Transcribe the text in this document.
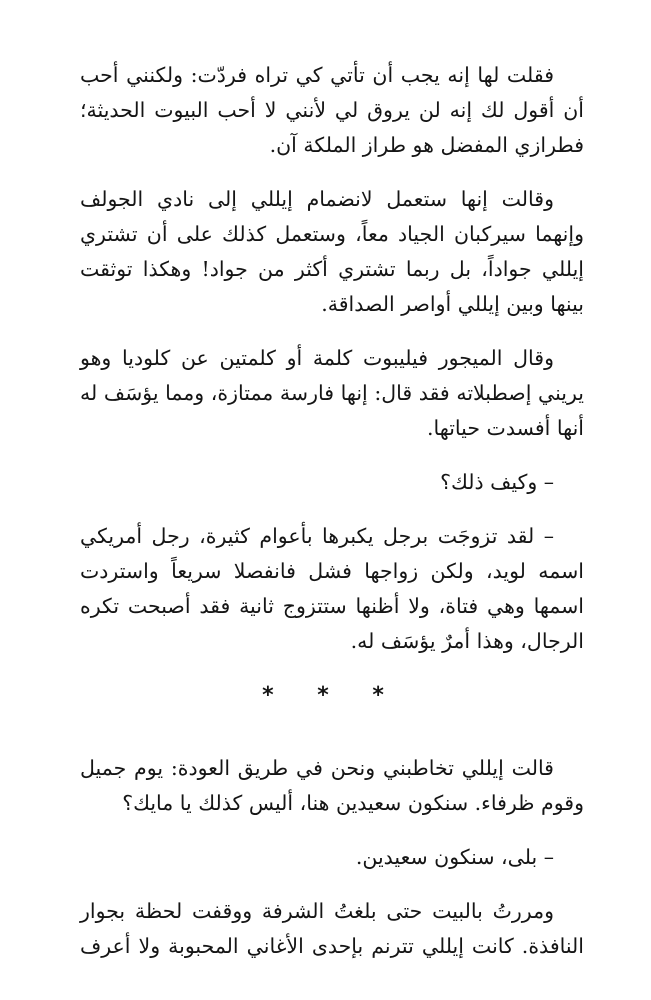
فقلت لها إنه يجب أن تأتي كي تراه فردّت: ولكنني أحب
أن أقول لك إنه لن يروق لي لأنني لا أحب البيوت الحديثة؛
فطرازي المفضل هو طراز الملكة آن.

وقالت إنها ستعمل لانضمام إيللي إلى نادي الجولف
وإنهما سيركبان الجياد معاً، وستعمل كذلك على أن تشتري
إيللي جواداً، بل ربما تشتري أكثر من جواد! وهكذا توثقت
بينها وبين إيللي أواصر الصداقة.

وقال الميجور فيليبوت كلمة أو كلمتين عن كلوديا وهو
يريني إصطبلاته فقد قال: إنها فارسة ممتازة، ومما يؤسَف له
أنها أفسدت حياتها.

– وكيف ذلك؟

– لقد تزوجَت برجل يكبرها بأعوام كثيرة، رجل أمريكي
اسمه لويد، ولكن زواجها فشل فانفصلا سريعاً واستردت
اسمها وهي فتاة، ولا أظنها ستتزوج ثانية فقد أصبحت تكره
الرجال، وهذا أمرٌ يؤسَف له.

* * *

قالت إيللي تخاطبني ونحن في طريق العودة: يوم جميل
وقوم ظرفاء. سنكون سعيدين هنا، أليس كذلك يا مايك؟

– بلى، سنكون سعيدين.

ومررتُ بالبيت حتى بلغتُ الشرفة ووقفت لحظة بجوار
النافذة. كانت إيللي تترنم بإحدى الأغاني المحبوبة ولا أعرف
